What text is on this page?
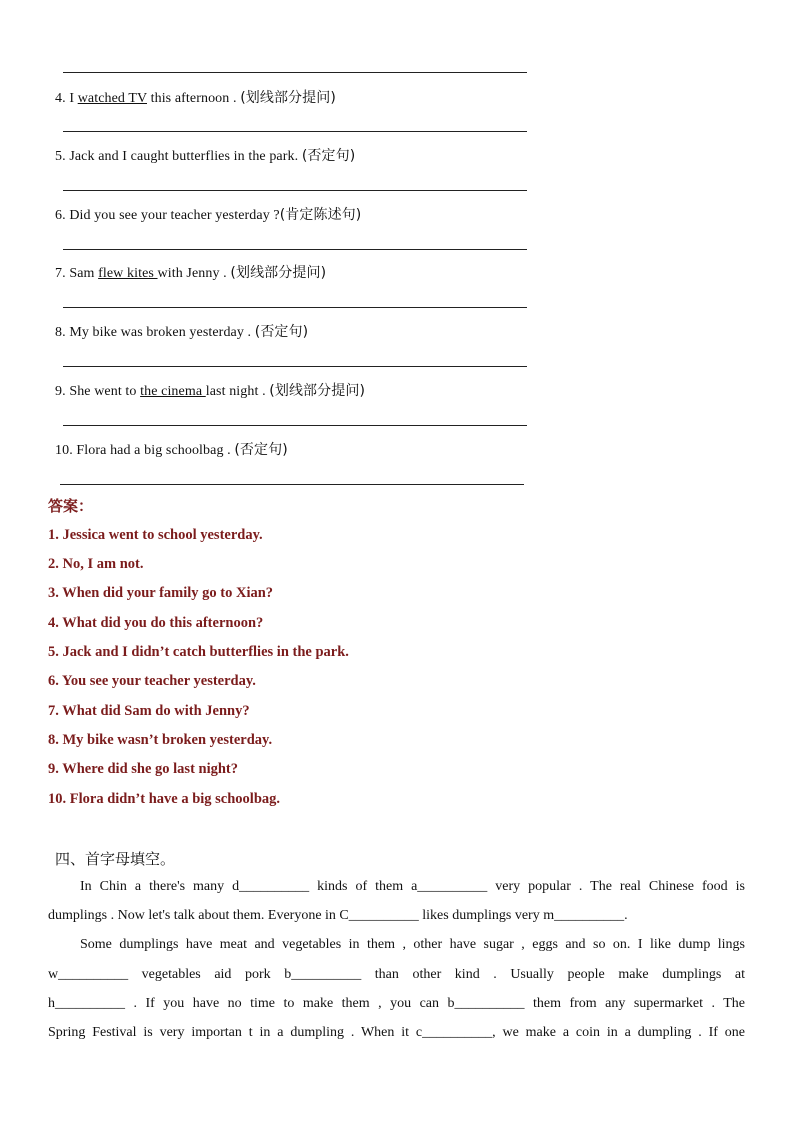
4. I watched TV this afternoon . (划线部分提问)
5. Jack and I caught butterflies in the park. (否定句)
6. Did you see your teacher yesterday ?(肯定陈述句)
7. Sam flew kites with Jenny . (划线部分提问)
8. My bike was broken yesterday . (否定句)
9. She went to the cinema last night . (划线部分提问)
10. Flora had a big schoolbag . (否定句)
答案：
1. Jessica went to school yesterday.
2. No, I am not.
3. When did your family go to Xian?
4. What did you do this afternoon?
5. Jack and I didn’t catch butterflies in the park.
6. You see your teacher yesterday.
7. What did Sam do with Jenny?
8. My bike wasn’t broken yesterday.
9. Where did she go last night?
10. Flora didn’t have a big schoolbag.
四、首字母填空。
In Chin a there's many d__________ kinds of them a__________ very popular . The real Chinese food is
dumplings . Now let's talk about them. Everyone in C__________ likes dumplings very m__________.
Some dumplings have meat and vegetables in them , other have sugar , eggs and so on. I like dump lings
w__________ vegetables aid pork b__________ than other kind . Usually people make dumplings at
h__________ . If you have no time to make them , you can b__________ them from any supermarket . The
Spring Festival is very importan t in a dumpling . When it c__________, we make a coin in a dumpling . If one
